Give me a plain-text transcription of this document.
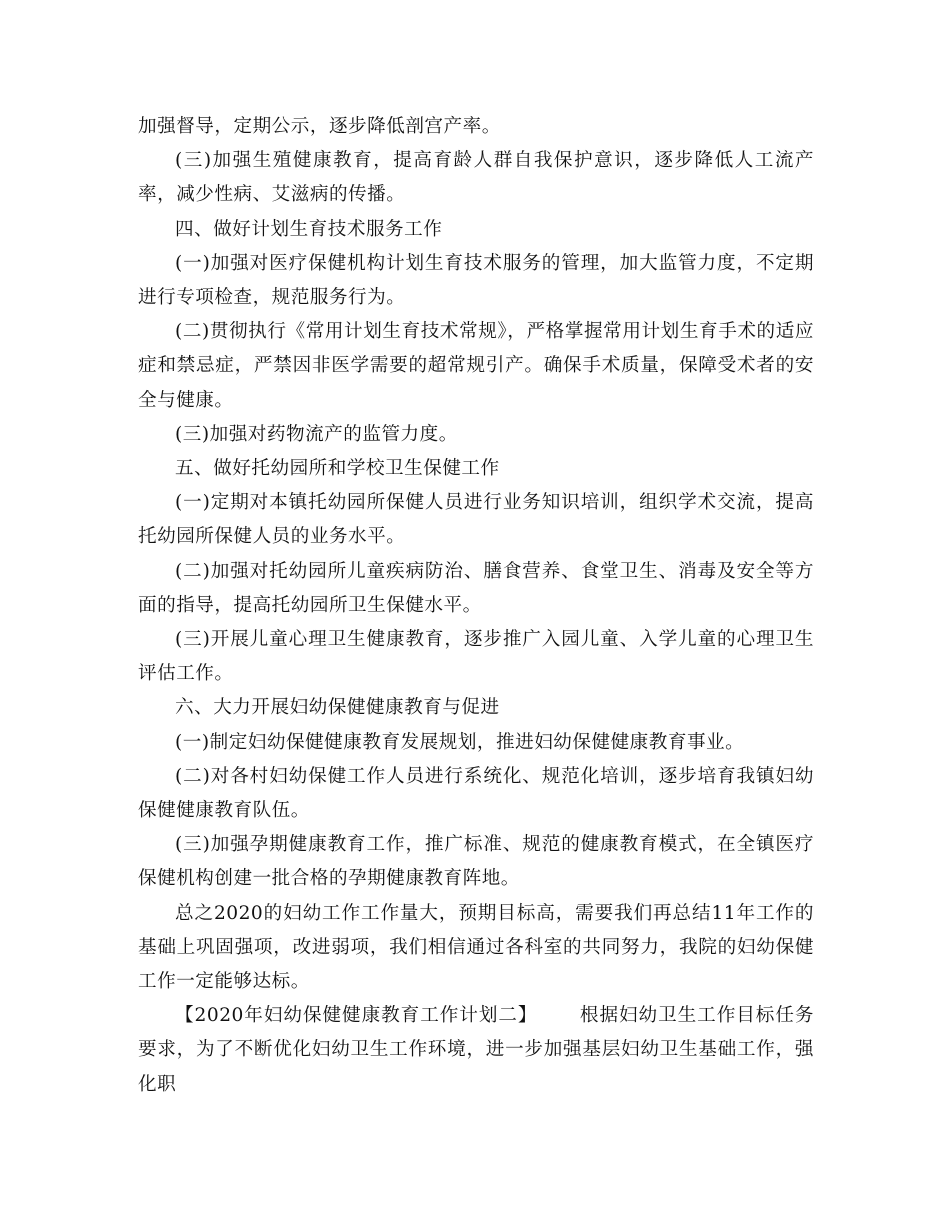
加强督导，定期公示，逐步降低剖宫产率。

(三)加强生殖健康教育，提高育龄人群自我保护意识，逐步降低人工流产率，减少性病、艾滋病的传播。

四、做好计划生育技术服务工作

(一)加强对医疗保健机构计划生育技术服务的管理，加大监管力度，不定期进行专项检查，规范服务行为。

(二)贯彻执行《常用计划生育技术常规》，严格掌握常用计划生育手术的适应症和禁忌症，严禁因非医学需要的超常规引产。确保手术质量，保障受术者的安全与健康。

(三)加强对药物流产的监管力度。

五、做好托幼园所和学校卫生保健工作

(一)定期对本镇托幼园所保健人员进行业务知识培训，组织学术交流，提高托幼园所保健人员的业务水平。

(二)加强对托幼园所儿童疾病防治、膳食营养、食堂卫生、消毒及安全等方面的指导，提高托幼园所卫生保健水平。

(三)开展儿童心理卫生健康教育，逐步推广入园儿童、入学儿童的心理卫生评估工作。

六、大力开展妇幼保健健康教育与促进

(一)制定妇幼保健健康教育发展规划，推进妇幼保健健康教育事业。

(二)对各村妇幼保健工作人员进行系统化、规范化培训，逐步培育我镇妇幼保健健康教育队伍。

(三)加强孕期健康教育工作，推广标准、规范的健康教育模式，在全镇医疗保健机构创建一批合格的孕期健康教育阵地。

总之2020的妇幼工作工作量大，预期目标高，需要我们再总结11年工作的基础上巩固强项，改进弱项，我们相信通过各科室的共同努力，我院的妇幼保健工作一定能够达标。

【2020年妇幼保健健康教育工作计划二】 根据妇幼卫生工作目标任务要求，为了不断优化妇幼卫生工作环境，进一步加强基层妇幼卫生基础工作，强化职
